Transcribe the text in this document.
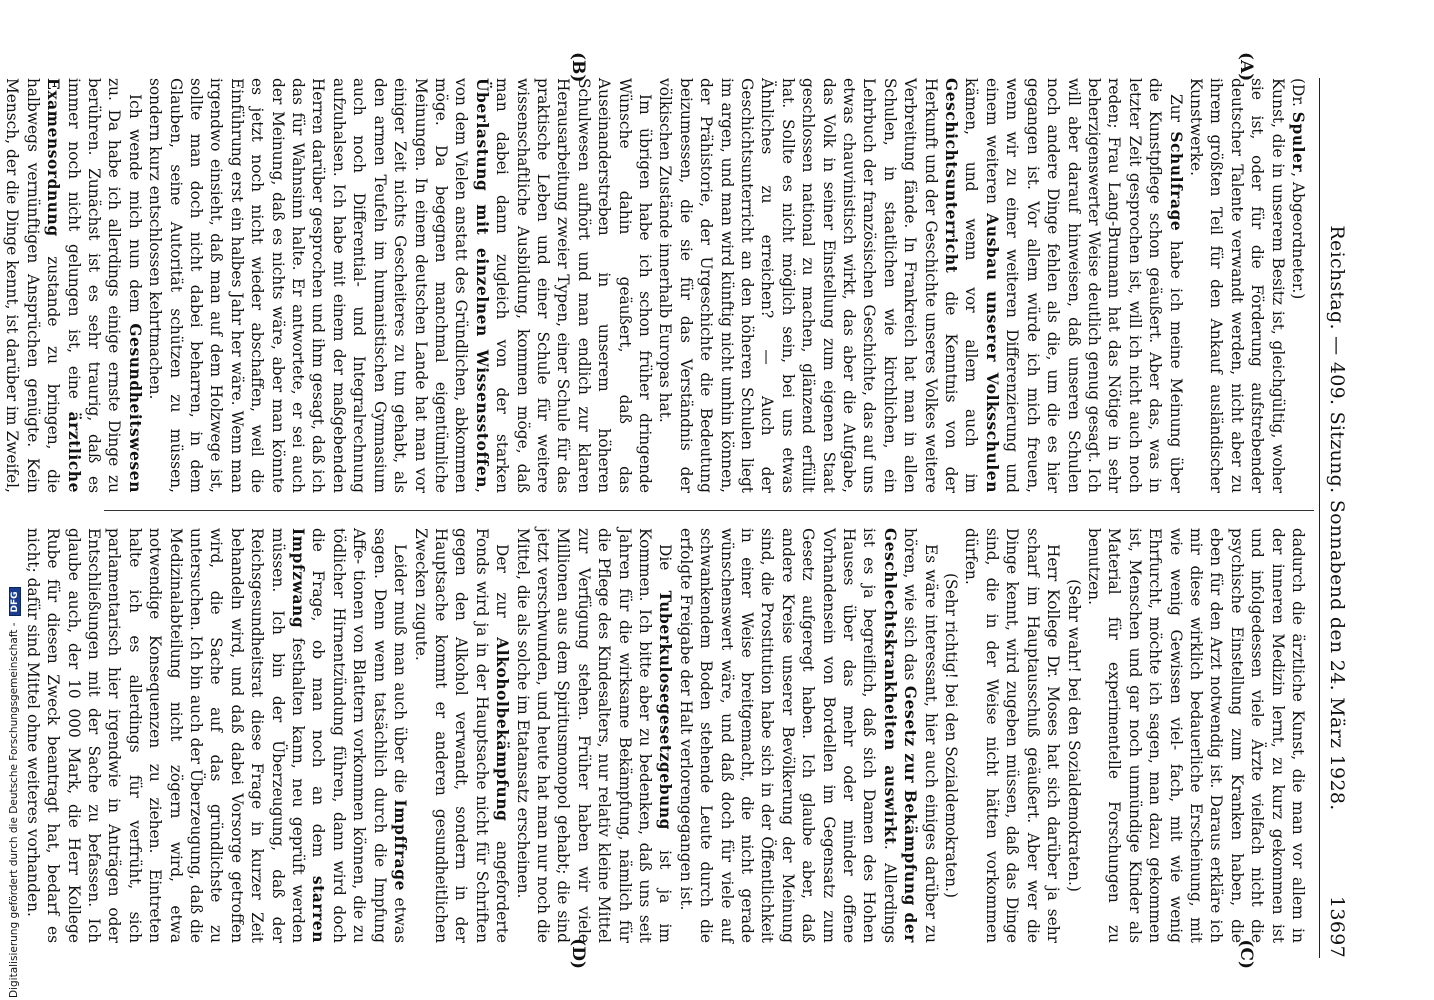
Reichstag. — 409. Sitzung. Sonnabend den 24. März 1928.
13697
(A)
(B)

(Dr. Spuler, Abgeordneter.)

Kunst, die in unserem Besitz ist, gleichgültig, woher sie ist, oder für die Förderung aufstrebender deutscher Talente verwandt werden, nicht aber zu ihrem größten Teil für den Ankauf ausländischer Kunstwerke.

Zur Schulfrage habe ich meine Meinung über die Kunstpflege schon geäußert. Aber das, was in letzter Zeit gesprochen ist, will ich nicht auch noch reden; Frau Lang-Brumann hat das Nötige in sehr beherzigenswerter Weise deutlich genug gesagt. Ich will aber darauf hinweisen, daß unseren Schulen noch andere Dinge fehlen als die, um die es hier gegangen ist. Vor allem würde ich mich freuen, wenn wir zu einer weiteren Differenzierung und einem weiteren Ausbau unserer Volksschulen kämen, und wenn vor allem auch im Geschichtsunterricht die Kenntnis von der Herkunft und der Geschichte unseres Volkes weitere Verbreitung fände. In Frankreich hat man in allen Schulen, in staatlichen wie kirchlichen, ein Lehrbuch der französischen Geschichte, das auf uns etwas chauvinistisch wirkt, das aber die Aufgabe, das Volk in seiner Einstellung zum eigenen Staat geschlossen national zu machen, glänzend erfüllt hat. Sollte es nicht möglich sein, bei uns etwas Ähnliches zu erreichen? — Auch der Geschichtsunterricht an den höheren Schulen liegt im argen, und man wird künftig nicht umhin können, der Prähistorie, der Urgeschichte die Bedeutung beizumessen, die sie für das Verständnis der völkischen Zustände innerhalb Europas hat.

Im übrigen habe ich schon früher dringende Wünsche dahin geäußert, daß das Auseinanderstreben in unserem höheren Schulwesen aufhört und man endlich zur klaren Herausarbeitung zweier Typen, einer Schule für das praktische Leben und einer Schule für weitere wissenschaftliche Ausbildung, kommen möge, daß man dabei dann zugleich von der starken Überlastung mit einzelnen Wissensstoffen, von dem Vielen anstatt des Gründlichen, abkommen möge. Da begegnen manchmal eigentümliche Meinungen. In einem deutschen Lande hat man vor einiger Zeit nichts Gescheiteres zu tun gehabt, als den armen Teufeln im humanistischen Gymnasium auch noch Differential- und Integralrechnung aufzuhalsen. Ich habe mit einem der maßgebenden Herren darüber gesprochen und ihm gesagt, daß ich das für Wahnsinn halte. Er antwortete, er sei auch der Meinung, daß es nichts wäre, aber man könnte es jetzt noch nicht wieder abschaffen, weil die Einführung erst ein halbes Jahr her wäre. Wenn man irgendwo einsieht, daß man auf dem Holzwege ist, sollte man doch nicht dabei beharren, in dem Glauben, seine Autorität schützen zu müssen, sondern kurz entschlossen kehrtmachen.

Ich wende mich nun dem Gesundheitswesen zu. Da habe ich allerdings einige ernste Dinge zu berühren. Zunächst ist es sehr traurig, daß es immer noch nicht gelungen ist, eine ärztliche Examensordnung zustande zu bringen, die halbwegs vernünftigen Ansprüchen genügte. Kein Mensch, der die Dinge kennt, ist darüber im Zweifel,

(C)
(D)

dadurch die ärztliche Kunst, die man vor allem in der inneren Medizin lernt, zu kurz gekommen ist und infolgedessen viele Ärzte vielfach nicht die psychische Einstellung zum Kranken haben, die eben für den Arzt notwendig ist. Daraus erkläre ich mir diese wirklich bedauerliche Erscheinung, mit wie wenig Gewissen viel- fach, mit wie wenig Ehrfurcht, möchte ich sagen, man dazu gekommen ist, Menschen und gar noch unmündige Kinder als Material für experimentelle Forschungen zu benutzen.

(Sehr wahr! bei den Sozialdemokraten.)

Herr Kollege Dr. Moses hat sich darüber ja sehr scharf im Hauptausschuß geäußert. Aber wer die Dinge kennt, wird zugeben müssen, daß das Dinge sind, die in der Weise nicht hätten vorkommen dürfen.

(Sehr richtig! bei den Sozialdemokraten.)

Es wäre interessant, hier auch einiges darüber zu hören, wie sich das Gesetz zur Bekämpfung der Geschlechtskrankheiten auswirkt. Allerdings ist es ja begreiflich, daß sich Damen des Hohen Hauses über das mehr oder minder offene Vorhandensein von Bordellen im Gegensatz zum Gesetz aufgeregt haben. Ich glaube aber, daß andere Kreise unserer Bevölkerung der Meinung sind, die Prostitution habe sich in der Öffentlichkeit in einer Weise breitgemacht, die nicht gerade wünschenswert wäre, und daß doch für viele auf schwankendem Boden stehende Leute durch die erfolgte Freigabe der Halt verlorengegangen ist.

Die Tuberkulosegesetzgebung ist ja im Kommen. Ich bitte aber zu bedenken, daß uns seit Jahren für die wirksame Bekämpfung, nämlich für die Pflege des Kindesalters, nur relativ kleine Mittel zur Verfügung stehen. Früher haben wir viele Millionen aus dem Spiritusmonopol gehabt; die sind jetzt verschwunden, und heute hat man nur noch die Mittel, die als solche im Etatansatz erscheinen.

Der zur Alkoholbekämpfung angeforderte Fonds wird ja in der Hauptsache nicht für Schriften gegen den Alkohol verwandt, sondern in der Hauptsache kommt er anderen gesundheitlichen Zwecken zugute.

Leider muß man auch über die Impffrage etwas sagen. Denn wenn tatsächlich durch die Impfung Affe- tionen von Blattern vorkommen können, die zu tödlicher Hirnentzündung führen, dann wird doch die Frage, ob man noch an dem starren Impfzwang festhalten kann, neu geprüft werden müssen. Ich bin der Überzeugung, daß der Reichsgesundheitsrat diese Frage in kurzer Zeit behandeln wird, und daß dabei Vorsorge getroffen wird, die Sache auf das gründlichste zu untersuchen. Ich bin auch der Überzeugung, daß die Medizinalabteilung nicht zögern wird, etwa notwendige Konsequenzen zu ziehen. Eintreten halte ich es allerdings für verfrüht, sich parlamentarisch hier irgendwie in Anträgen oder Entschließungen mit der Sache zu befassen. Ich glaube auch, der 10 000 Mark, die Herr Kollege Rube für diesen Zweck beantragt hat, bedarf es nicht; dafür sind Mittel ohne weiteres vorhanden.

Digitalisierung gefördert durch die Deutsche Forschungsgemeinschaft -DFG
